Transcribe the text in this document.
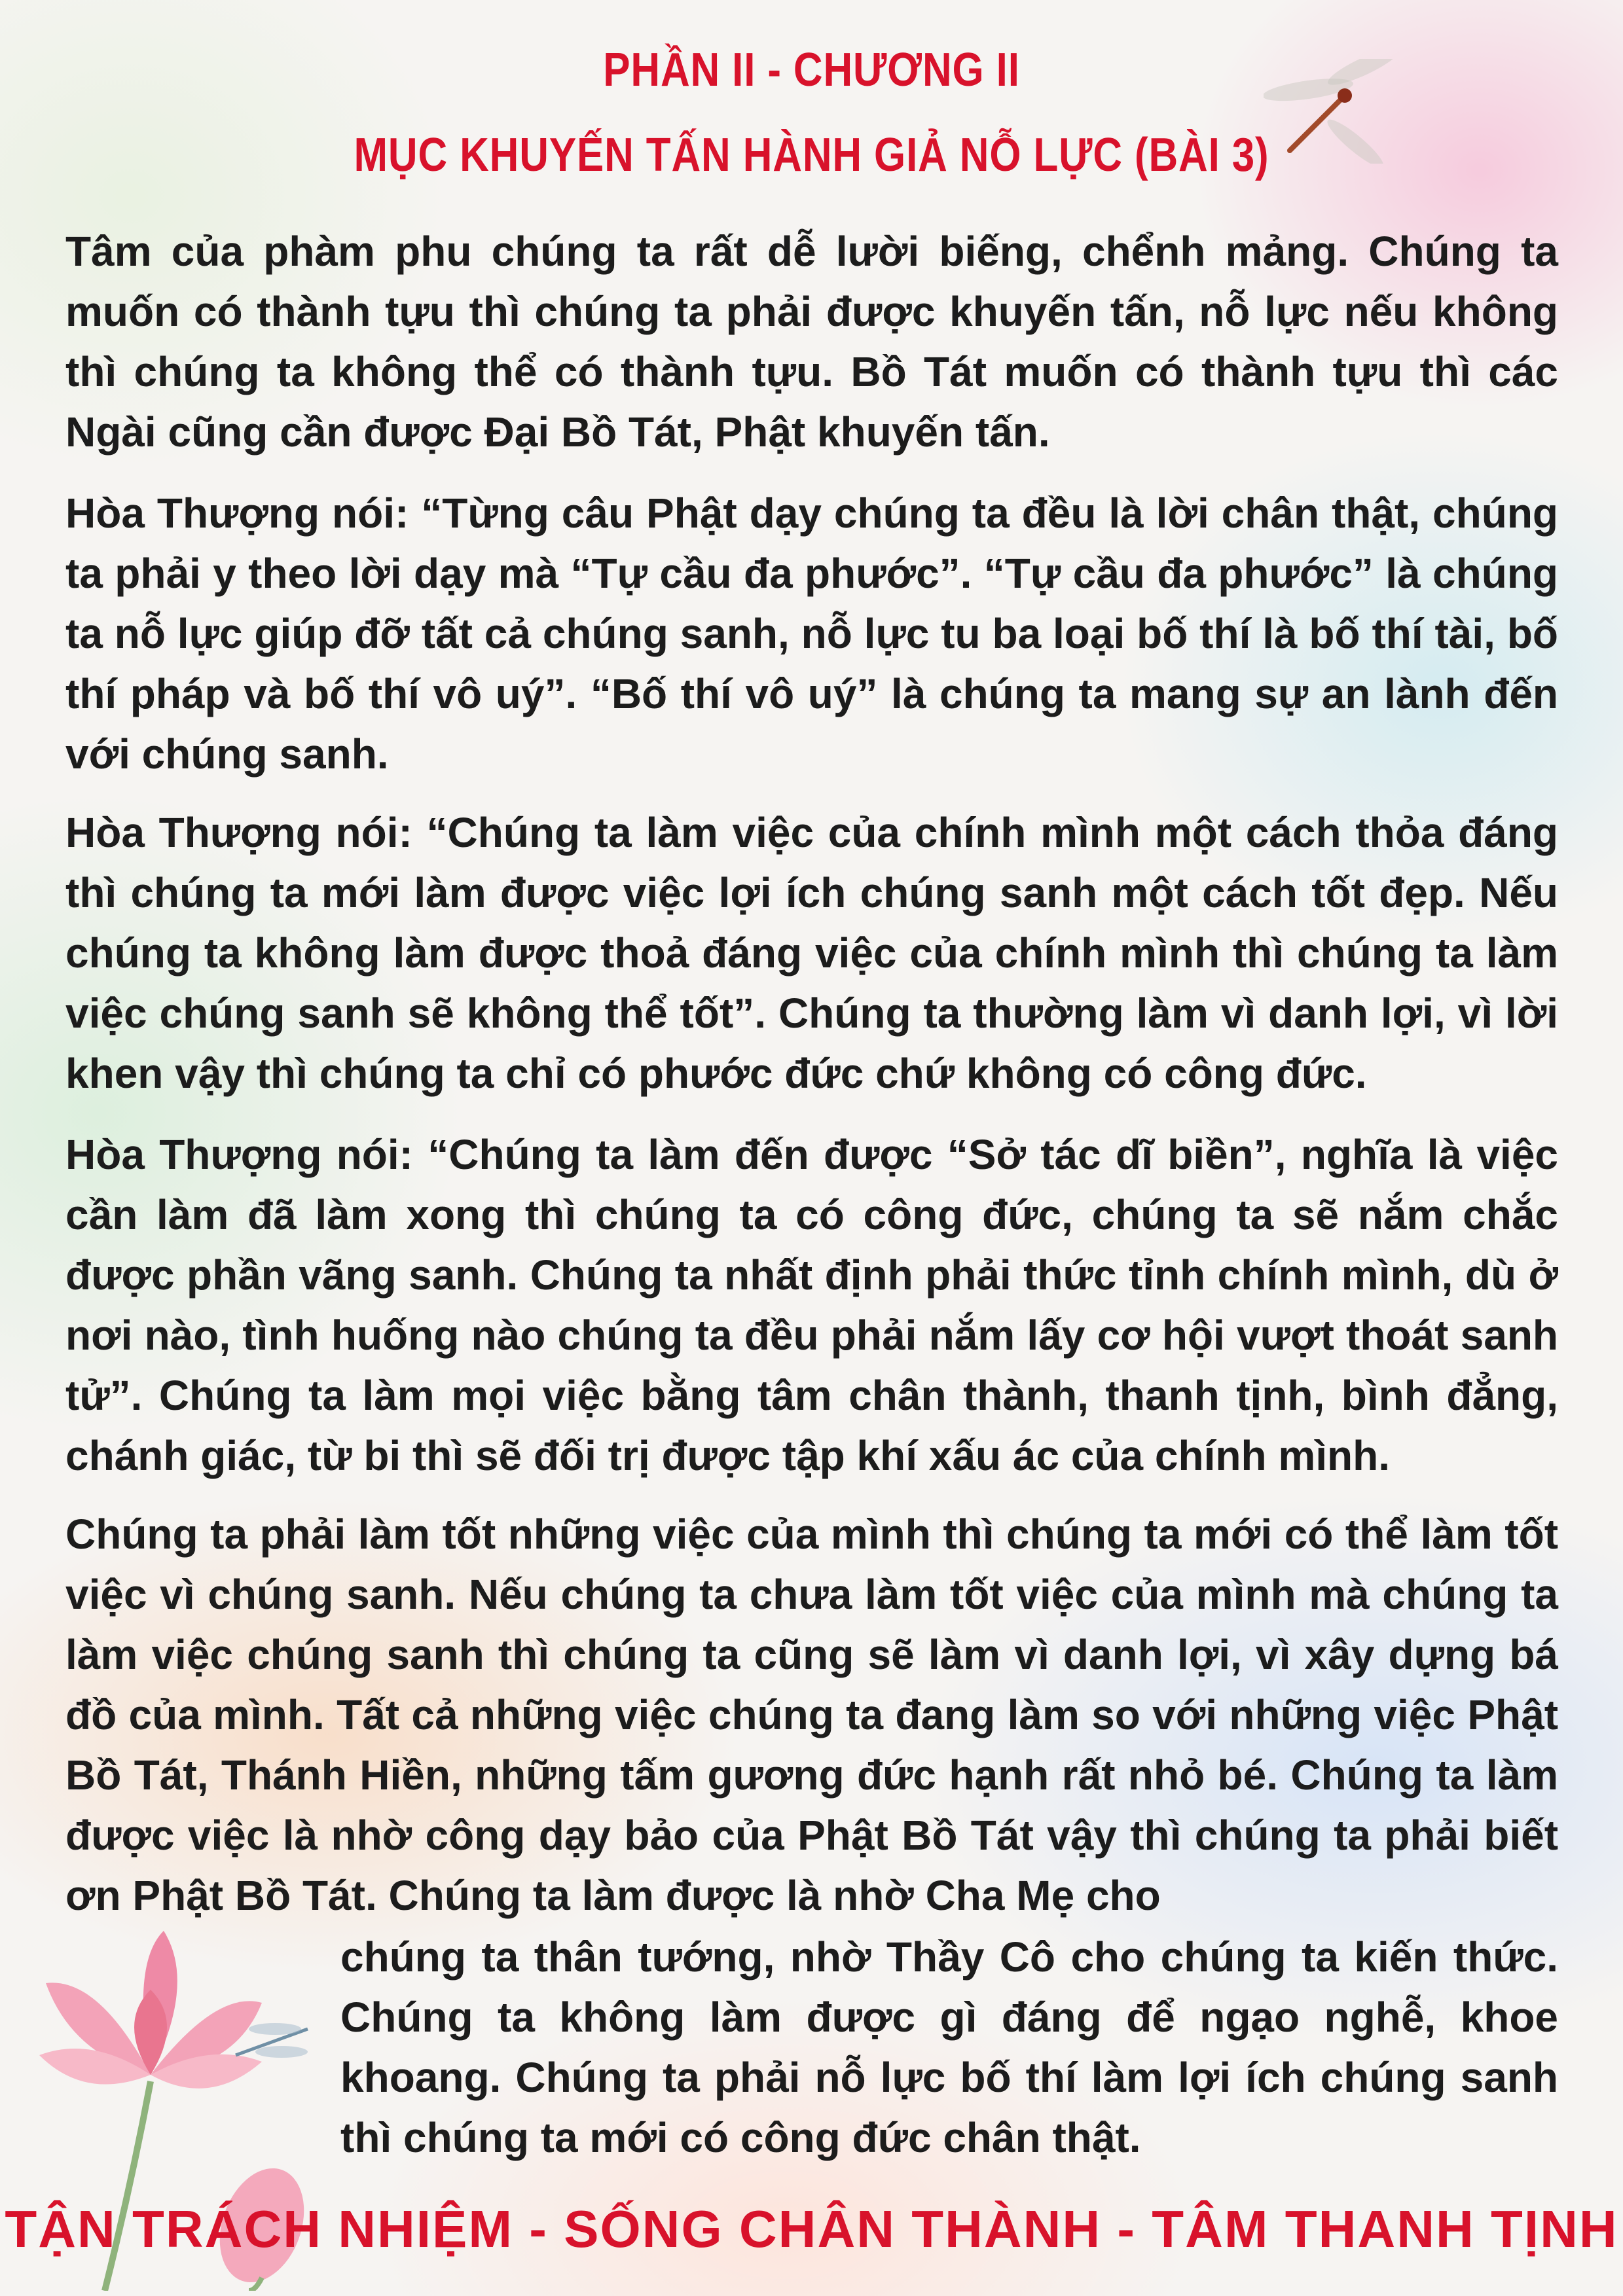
PHẦN II - CHƯƠNG II
MỤC KHUYẾN TẤN HÀNH GIẢ NỖ LỰC (BÀI 3)
Tâm của phàm phu chúng ta rất dễ lười biếng, chểnh mảng. Chúng ta muốn có thành tựu thì chúng ta phải được khuyến tấn, nỗ lực nếu không thì chúng ta không thể có thành tựu. Bồ Tát muốn có thành tựu thì các Ngài cũng cần được Đại Bồ Tát, Phật khuyến tấn.
Hòa Thượng nói: “Từng câu Phật dạy chúng ta đều là lời chân thật, chúng ta phải y theo lời dạy mà “Tự cầu đa phước”. “Tự cầu đa phước” là chúng ta nỗ lực giúp đỡ tất cả chúng sanh, nỗ lực tu ba loại bố thí là bố thí tài, bố thí pháp và bố thí vô uý”. “Bố thí vô uý” là chúng ta mang sự an lành đến với chúng sanh.
Hòa Thượng nói: “Chúng ta làm việc của chính mình một cách thỏa đáng thì chúng ta mới làm được việc lợi ích chúng sanh một cách tốt đẹp. Nếu chúng ta không làm được thoả đáng việc của chính mình thì chúng ta làm việc chúng sanh sẽ không thể tốt”. Chúng ta thường làm vì danh lợi, vì lời khen vậy thì chúng ta chỉ có phước đức chứ không có công đức.
Hòa Thượng nói: “Chúng ta làm đến được “Sở tác dĩ biền”, nghĩa là việc cần làm đã làm xong thì chúng ta có công đức, chúng ta sẽ nắm chắc được phần vãng sanh. Chúng ta nhất định phải thức tỉnh chính mình, dù ở nơi nào, tình huống nào chúng ta đều phải nắm lấy cơ hội vượt thoát sanh tử”. Chúng ta làm mọi việc bằng tâm chân thành, thanh tịnh, bình đẳng, chánh giác, từ bi thì sẽ đối trị được tập khí xấu ác của chính mình.
Chúng ta phải làm tốt những việc của mình thì chúng ta mới có thể làm tốt việc vì chúng sanh. Nếu chúng ta chưa làm tốt việc của mình mà chúng ta làm việc chúng sanh thì chúng ta cũng sẽ làm vì danh lợi, vì xây dựng bá đồ của mình. Tất cả những việc chúng ta đang làm so với những việc Phật Bồ Tát, Thánh Hiền, những tấm gương đức hạnh rất nhỏ bé. Chúng ta làm được việc là nhờ công dạy bảo của Phật Bồ Tát vậy thì chúng ta phải biết ơn Phật Bồ Tát. Chúng ta làm được là nhờ Cha Mẹ cho
chúng ta thân tướng, nhờ Thầy Cô cho chúng ta kiến thức. Chúng ta không làm được gì đáng để ngạo nghễ, khoe khoang. Chúng ta phải nỗ lực bố thí làm lợi ích chúng sanh thì chúng ta mới có công đức chân thật.
TẬN TRÁCH NHIỆM - SỐNG CHÂN THÀNH - TÂM THANH TỊNH
